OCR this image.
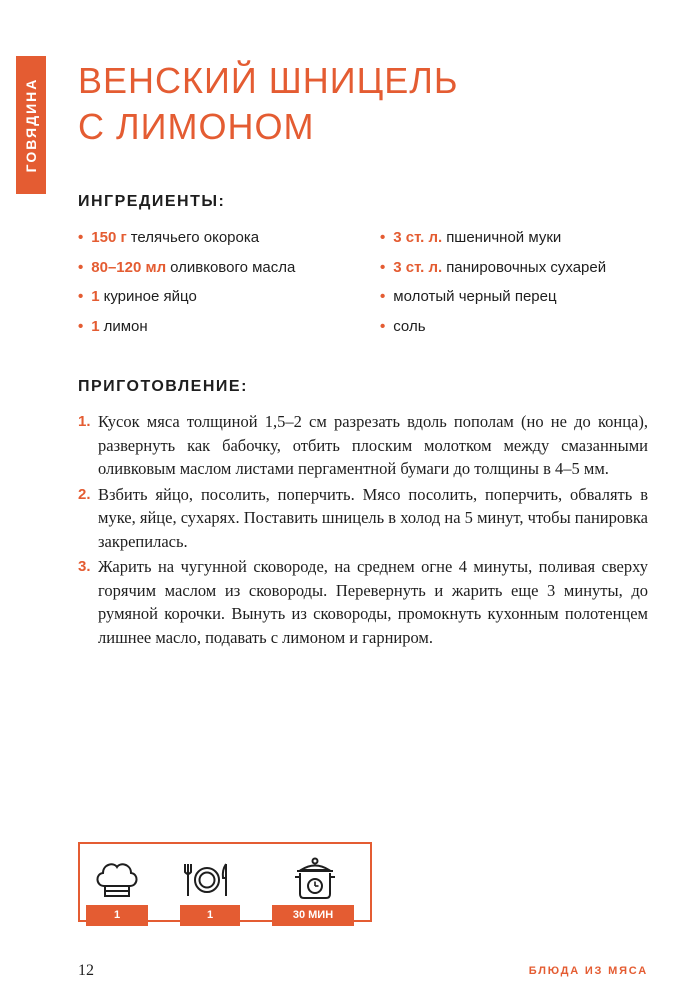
ГОВЯДИНА ВЕНСКИЙ ШНИЦЕЛЬ
С ЛИМОНОМ
ИНГРЕДИЕНТЫ:
• 150 г телячьего окорока
• 80–120 мл оливкового масла
• 1 куриное яйцо
• 1 лимон
• 3 ст. л. пшеничной муки
• 3 ст. л. панировочных сухарей
• молотый черный перец
• соль
ПРИГОТОВЛЕНИЕ:
1. Кусок мяса толщиной 1,5–2 см разрезать вдоль пополам (но не до конца), развернуть как бабочку, отбить плоским молотком между смазанными оливковым маслом листами пергаментной бумаги до толщины в 4–5 мм.
2. Взбить яйцо, посолить, поперчить. Мясо посолить, поперчить, обвалять в муке, яйце, сухарях. Поставить шницель в холод на 5 минут, чтобы панировка закрепилась.
3. Жарить на чугунной сковороде, на среднем огне 4 минуты, поливая сверху горячим маслом из сковороды. Перевернуть и жарить еще 3 минуты, до румяной корочки. Вынуть из сковороды, промокнуть кухонным полотенцем лишнее масло, подавать с лимоном и гарниром.
1	1	30 МИН
12	БЛЮДА ИЗ МЯСА
